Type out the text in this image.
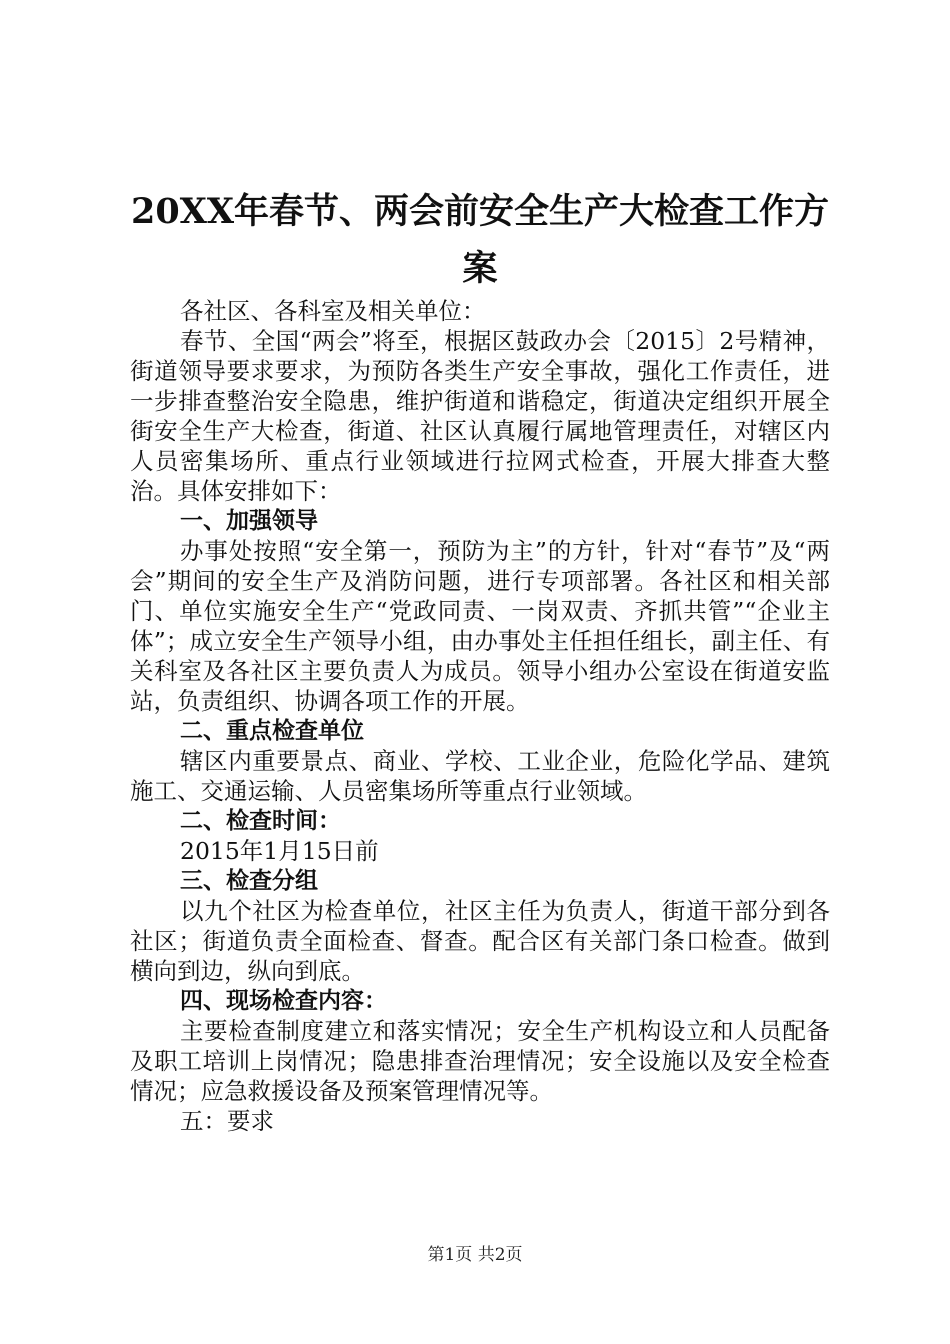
20XX年春节、两会前安全生产大检查工作方
案

各社区、各科室及相关单位：

春节、全国“两会”将至，根据区鼓政办会〔2015〕2号精神，街道领导要求要求，为预防各类生产安全事故，强化工作责任，进一步排查整治安全隐患，维护街道和谐稳定，街道决定组织开展全街安全生产大检查，街道、社区认真履行属地管理责任，对辖区内人员密集场所、重点行业领域进行拉网式检查，开展大排查大整治。具体安排如下：

一、加强领导

办事处按照“安全第一，预防为主”的方针，针对“春节”及“两会”期间的安全生产及消防问题，进行专项部署。各社区和相关部门、单位实施安全生产“党政同责、一岗双责、齐抓共管”“企业主体”；成立安全生产领导小组，由办事处主任担任组长，副主任、有关科室及各社区主要负责人为成员。领导小组办公室设在街道安监站，负责组织、协调各项工作的开展。

二、重点检查单位

辖区内重要景点、商业、学校、工业企业，危险化学品、建筑施工、交通运输、人员密集场所等重点行业领域。

二、检查时间：

2015年1月15日前

三、检查分组

以九个社区为检查单位，社区主任为负责人，街道干部分到各社区；街道负责全面检查、督查。配合区有关部门条口检查。做到横向到边，纵向到底。

四、现场检查内容：

主要检查制度建立和落实情况；安全生产机构设立和人员配备及职工培训上岗情况；隐患排查治理情况；安全设施以及安全检查情况；应急救援设备及预案管理情况等。

五：要求

第1页 共2页
